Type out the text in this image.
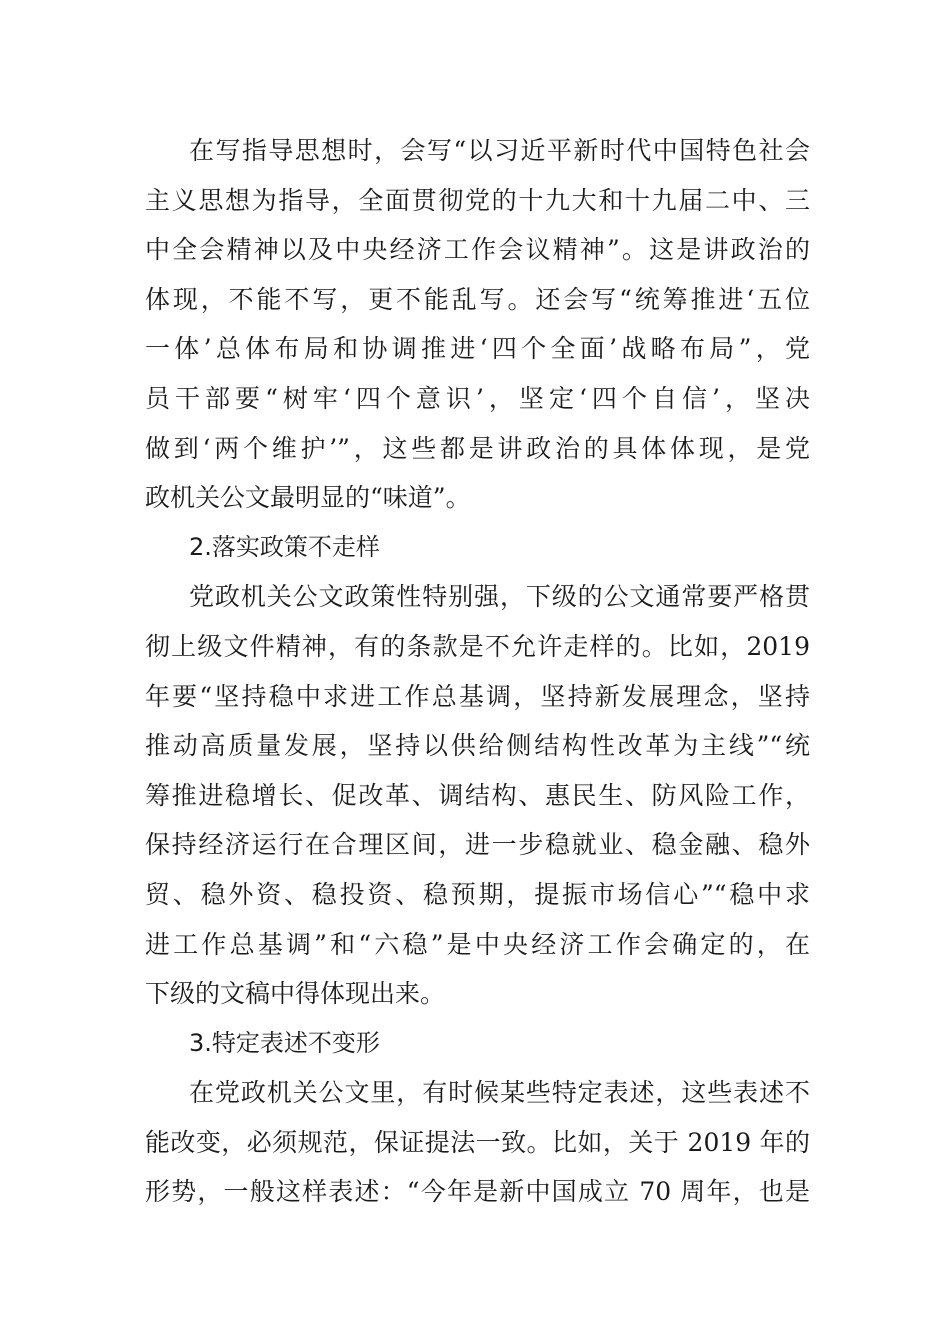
在写指导思想时，会写“以习近平新时代中国特色社会
主义思想为指导，全面贯彻党的十九大和十九届二中、三
中全会精神以及中央经济工作会议精神”。这是讲政治的
体现，不能不写，更不能乱写。还会写“统筹推进‘五位
一体’总体布局和协调推进‘四个全面’战略布局”，党
员干部要“树牢‘四个意识’，坚定‘四个自信’，坚决
做到‘两个维护’”，这些都是讲政治的具体体现，是党
政机关公文最明显的“味道”。
2.落实政策不走样
党政机关公文政策性特别强，下级的公文通常要严格贯
彻上级文件精神，有的条款是不允许走样的。比如，2019
年要“坚持稳中求进工作总基调，坚持新发展理念，坚持
推动高质量发展，坚持以供给侧结构性改革为主线”“统
筹推进稳增长、促改革、调结构、惠民生、防风险工作，
保持经济运行在合理区间，进一步稳就业、稳金融、稳外
贸、稳外资、稳投资、稳预期，提振市场信心”“稳中求
进工作总基调”和“六稳”是中央经济工作会确定的，在
下级的文稿中得体现出来。
3.特定表述不变形
在党政机关公文里，有时候某些特定表述，这些表述不
能改变，必须规范，保证提法一致。比如，关于 2019 年的
形势，一般这样表述：“今年是新中国成立 70 周年，也是
